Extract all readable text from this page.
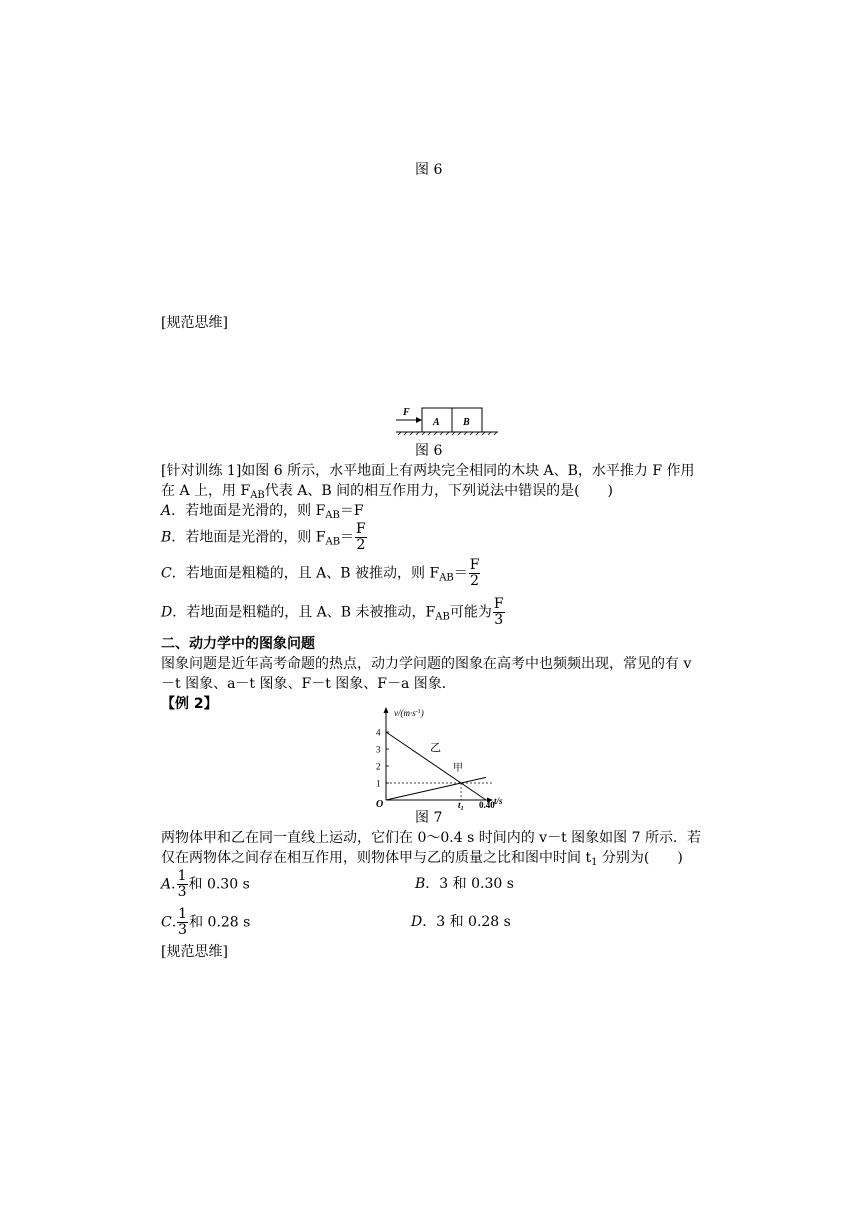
图 6
[规范思维]
F
A B
图 6
[针对训练 1]如图 6 所示，水平地面上有两块完全相同的木块 A、B，水平推力 F 作用
在 A 上，用 $F_{AB}$代表 A、B 间的相互作用力，下列说法中错误的是(　　)
A．若地面是光滑的，则 $F_{AB}=F$
B．若地面是光滑的，则 $F_{AB}= \frac{F}{2}$
C．若地面是粗糙的，且 A、B 被推动，则 $F_{AB}= \frac{F}{2}$
D．若地面是粗糙的，且 A、B 未被推动，$F_{AB}$可能为 $\frac{F}{3}$
二、动力学中的图象问题
图象问题是近年高考命题的热点，动力学问题的图象在高考中也频频出现，常见的有 v
－t 图象、a－t 图象、F－t 图象、F－a 图象．
【例 2】
$v/(m\cdot s^{-1})$
t/s
O
1
2
3
4
$t_1$ 0.40
乙
甲
图 7
两物体甲和乙在同一直线上运动，它们在 0～0.4 s 时间内的 v－t 图象如图 7 所示．若
仅在两物体之间存在相互作用，则物体甲与乙的质量之比和图中时间 $t_1$ 分别为(　　)
A. $\frac{1}{3}$ 和 0.30 s	B．3 和 0.30 s
C. $\frac{1}{3}$ 和 0.28 s	D．3 和 0.28 s
[规范思维]
